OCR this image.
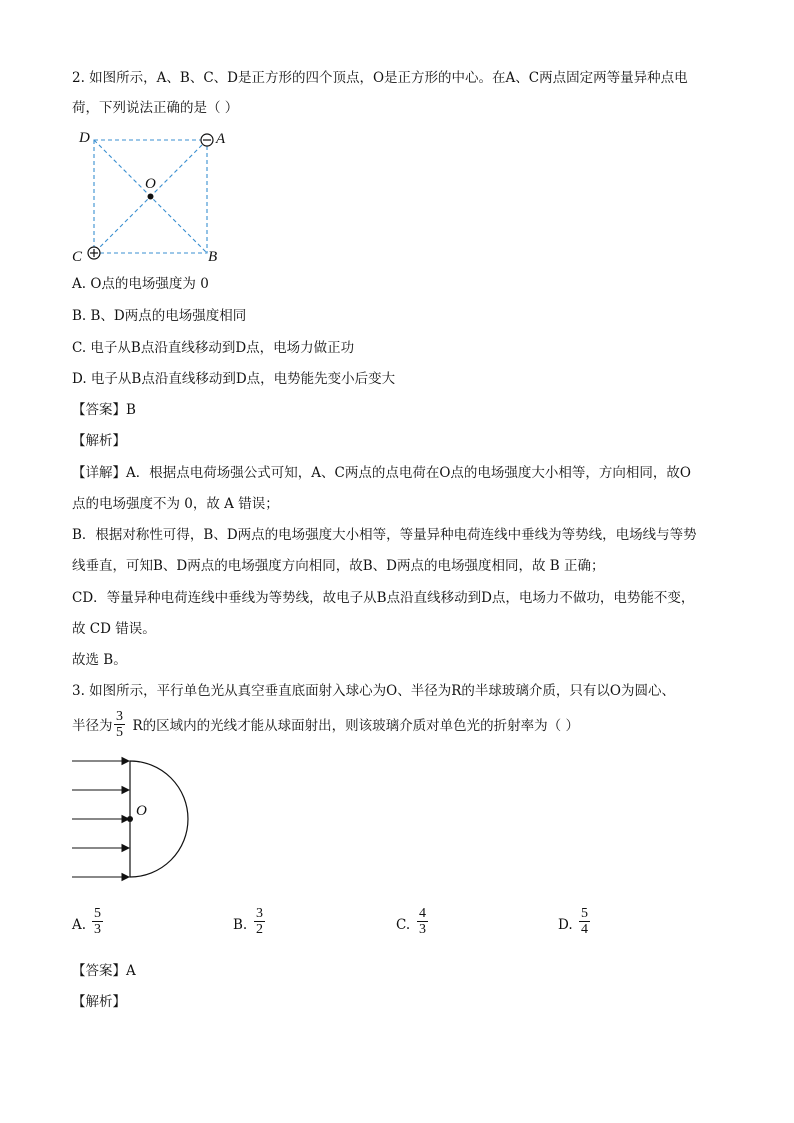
2. 如图所示，A、B、C、D是正方形的四个顶点，O是正方形的中心。在A、C两点固定两等量异种点电
荷，下列说法正确的是（ ）
D	A
O
C	B
A. O点的电场强度为 0
B. B、D两点的电场强度相同
C. 电子从B点沿直线移动到D点，电场力做正功
D. 电子从B点沿直线移动到D点，电势能先变小后变大
【答案】B
【解析】
【详解】A．根据点电荷场强公式可知，A、C两点的点电荷在O点的电场强度大小相等，方向相同，故O
点的电场强度不为 0，故 A 错误；
B．根据对称性可得，B、D两点的电场强度大小相等，等量异种电荷连线中垂线为等势线，电场线与等势
线垂直，可知B、D两点的电场强度方向相同，故B、D两点的电场强度相同，故 B 正确；
CD．等量异种电荷连线中垂线为等势线，故电子从B点沿直线移动到D点，电场力不做功，电势能不变，
故 CD 错误。
故选 B。
3. 如图所示，平行单色光从真空垂直底面射入球心为O、半径为R的半球玻璃介质，只有以O为圆心、
半径为 R的区域内的光线才能从球面射出，则该玻璃介质对单色光的折射率为（ ）
$\frac{3}{5}$
O
A. $\frac{5}{3}$	B. $\frac{3}{2}$	C. $\frac{4}{3}$	D. $\frac{5}{4}$
【答案】A
【解析】
